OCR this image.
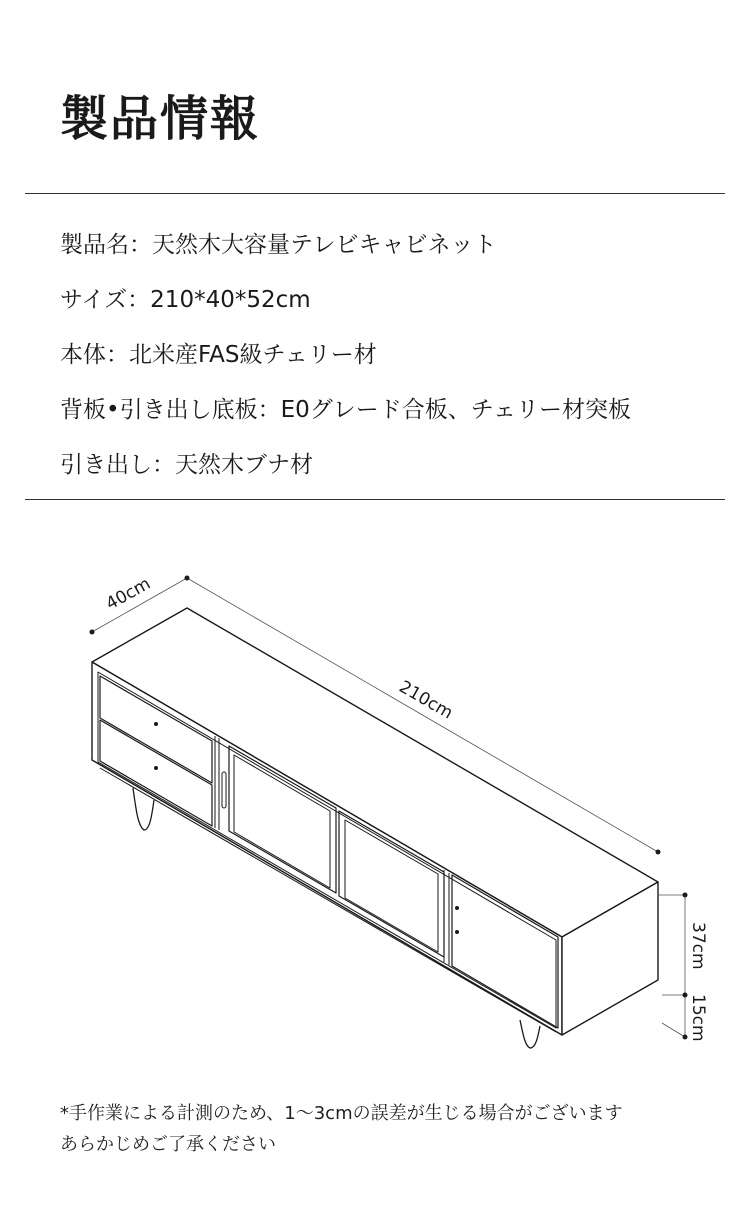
製品情報
製品名：天然木大容量テレビキャビネット
サイズ：210*40*52cm
本体：北米産FAS級チェリー材
背板•引き出し底板：E0グレード合板、チェリー材突板
引き出し：天然木ブナ材
40cm
210cm
37cm
15cm
*手作業による計測のため、1～3cmの誤差が生じる場合がございます
あらかじめご了承ください
